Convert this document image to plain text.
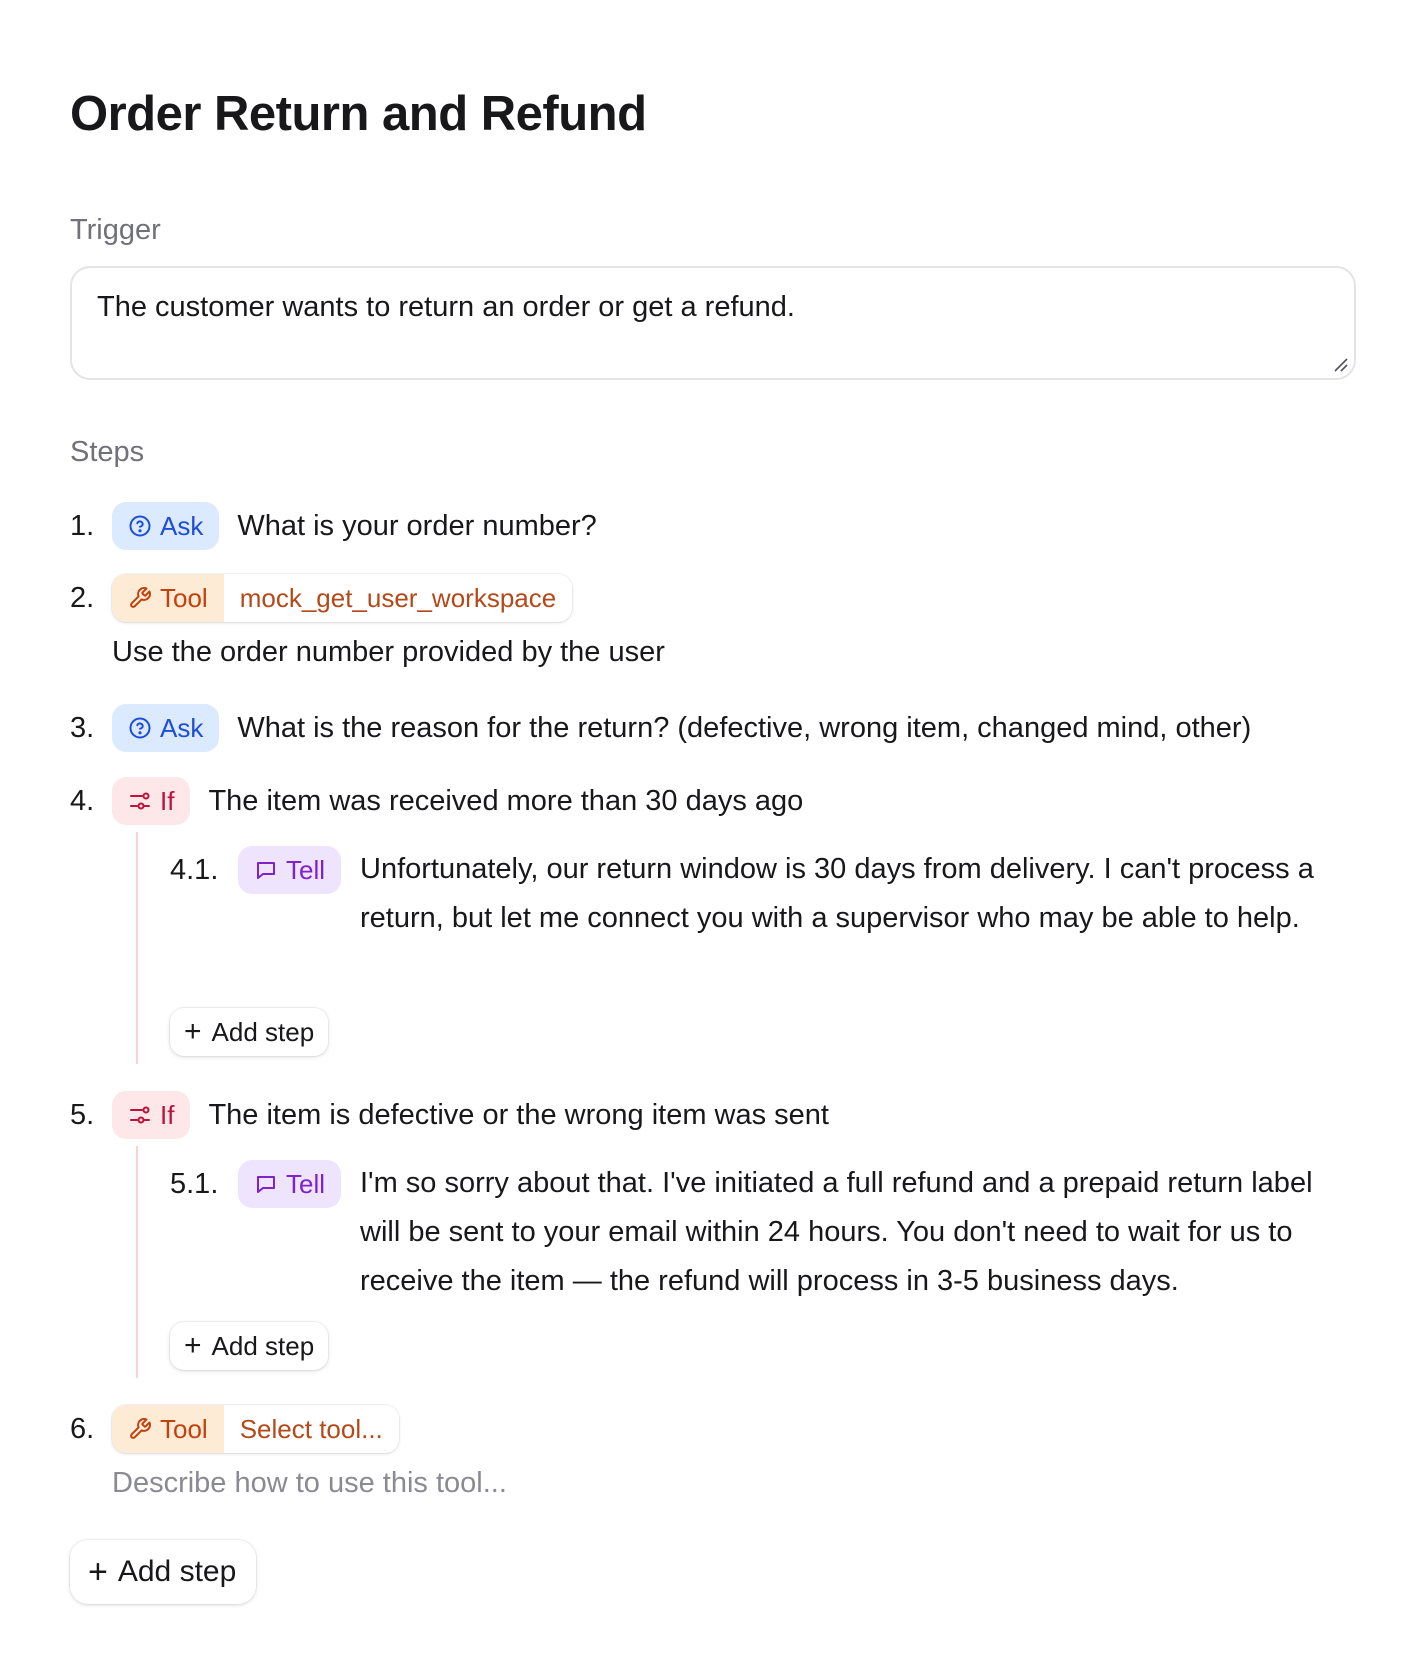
Order Return and Refund
Trigger
The customer wants to return an order or get a refund.
Steps
1.	Ask What is your order number?
2.	Tool	mock_get_user_workspace
Use the order number provided by the user
3.	Ask What is the reason for the return? (defective, wrong item, changed mind, other)
4.	If The item was received more than 30 days ago
4.1.	Tell Unfortunately, our return window is 30 days from delivery. I can't process a return, but let me connect you with a supervisor who may be able to help.
+ Add step
5.	If The item is defective or the wrong item was sent
5.1.	Tell I'm so sorry about that. I've initiated a full refund and a prepaid return label will be sent to your email within 24 hours. You don't need to wait for us to receive the item — the refund will process in 3-5 business days.
+ Add step
6.	Tool	Select tool...
Describe how to use this tool...
+ Add step
